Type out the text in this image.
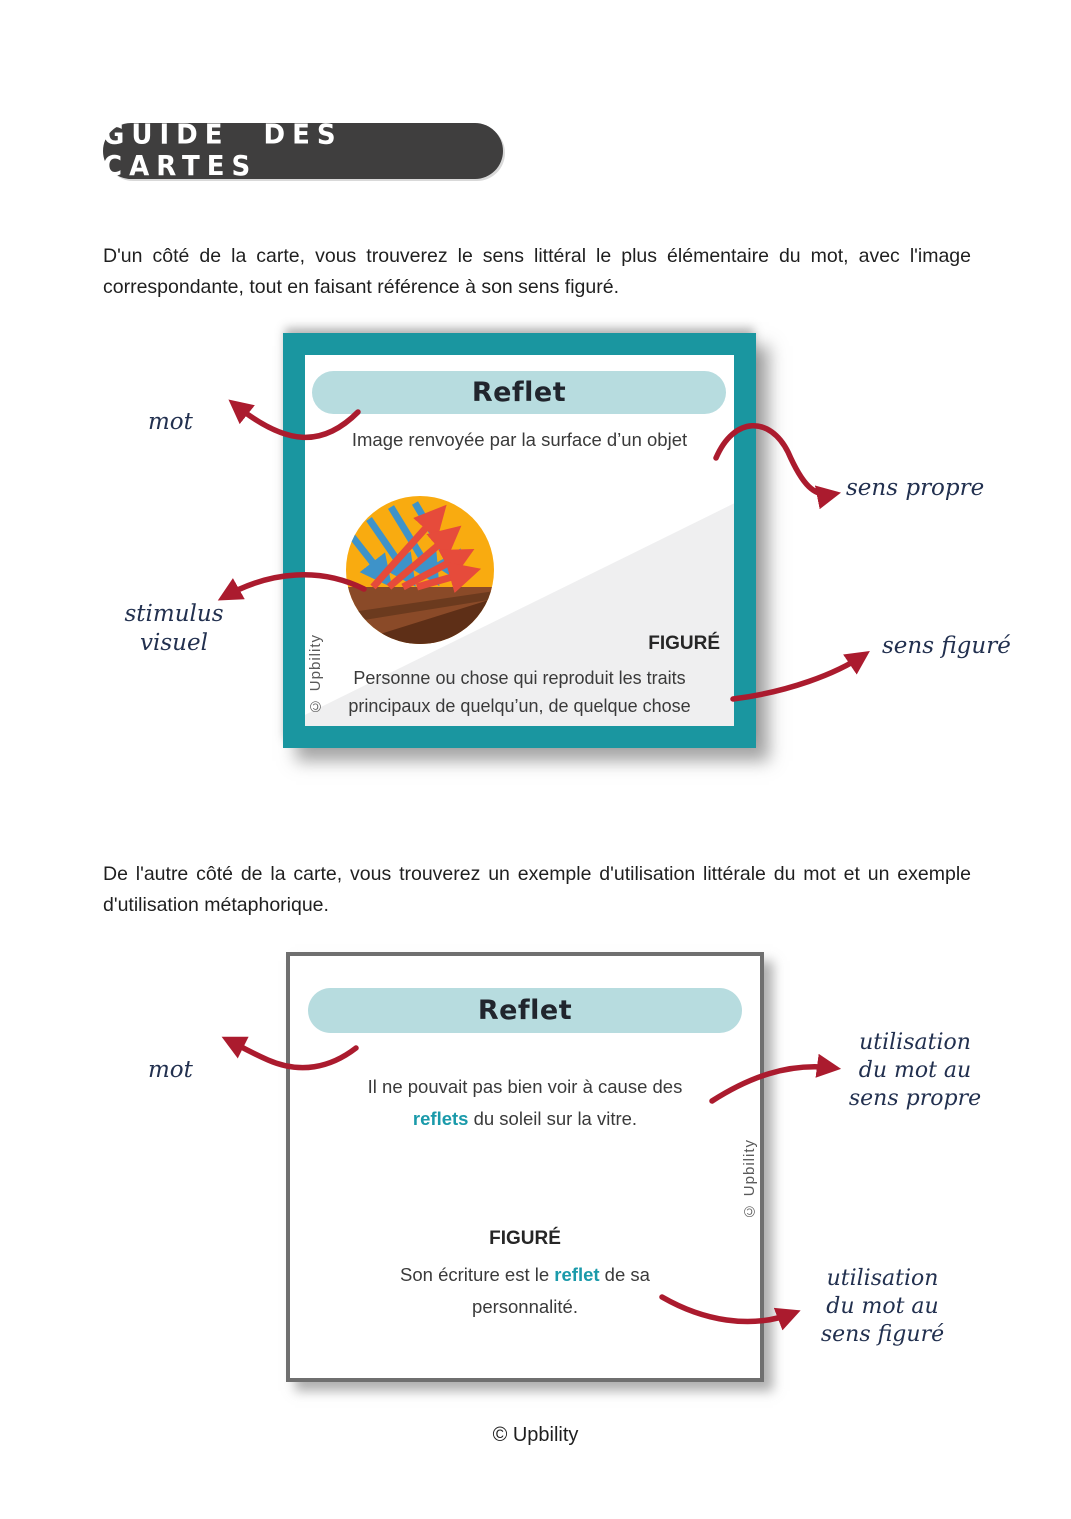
GUIDE DES CARTES

D'un côté de la carte, vous trouverez le sens littéral le plus élémentaire du mot, avec l'image correspondante, tout en faisant référence à son sens figuré.

De l'autre côté de la carte, vous trouverez un exemple d'utilisation littérale du mot et un exemple d'utilisation métaphorique.

Reflet
Image renvoyée par la surface d’un objet
FIGURÉ
Personne ou chose qui reproduit les traits
principaux de quelqu’un, de quelque chose
© Upbility
Reflet
Il ne pouvait pas bien voir à cause des
reflets du soleil sur la vitre.
FIGURÉ
Son écriture est le reflet de sa
personnalité.
© Upbility
mot
sens propre
stimulus
visuel	sens figuré
mot
utilisation
du mot au
sens propre
utilisation
du mot au
sens figuré
© Upbility
